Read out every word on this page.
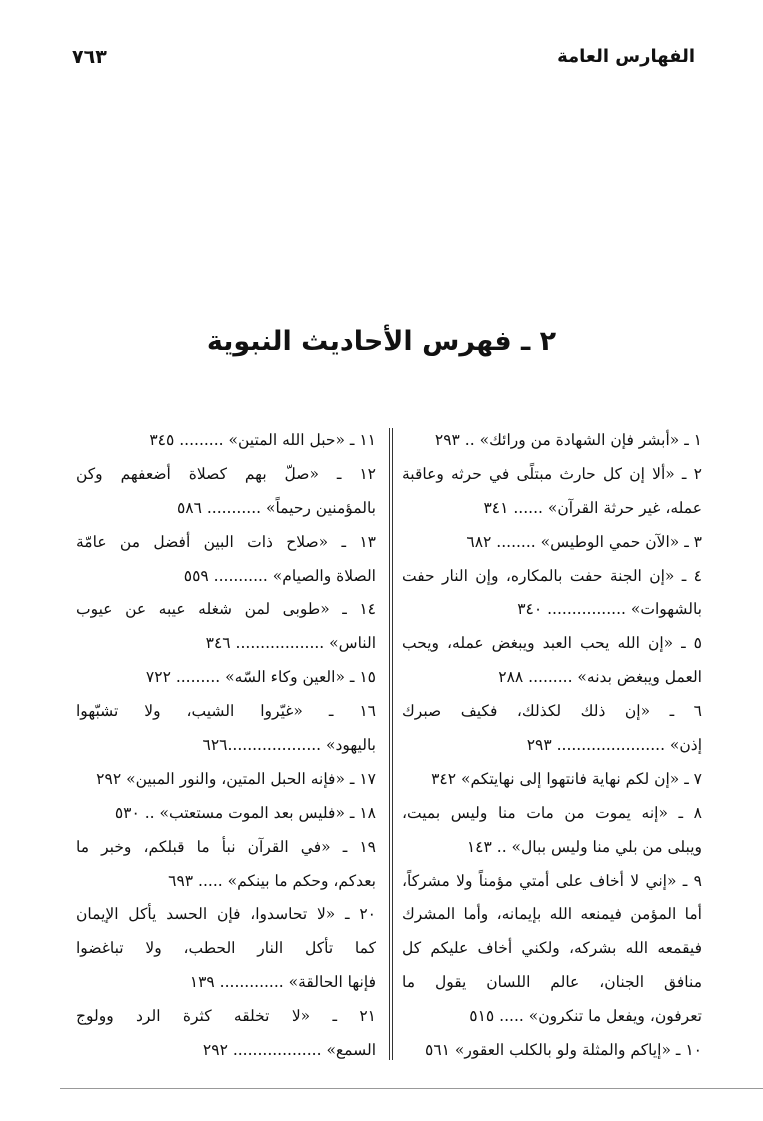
الفهارس العامة
٧٦٣
٢ ـ فهرس الأحاديث النبوية
١ ـ «أبشر فإن الشهادة من ورائك» .. ٢٩٣
٢ ـ «ألا إن كل حارث مبتلًى في حرثه وعاقبة
عمله، غير حرثة القرآن» ...... ٣٤١
٣ ـ «الآن حمي الوطيس» ........ ٦٨٢
٤ ـ «إن الجنة حفت بالمكاره، وإن النار حفت
بالشهوات» ................ ٣٤٠
٥ ـ «إن الله يحب العبد ويبغض عمله، ويحب
العمل ويبغض بدنه» ......... ٢٨٨
٦ ـ «إن ذلك لكذلك، فكيف صبرك
إذن» ...................... ٢٩٣
٧ ـ «إن لكم نهاية فانتهوا إلى نهايتكم» ٣٤٢
٨ ـ «إنه يموت من مات منا وليس بميت،
ويبلى من بلي منا وليس ببال» .. ١٤٣
٩ ـ «إني لا أخاف على أمتي مؤمناً ولا مشركاً،
أما المؤمن فيمنعه الله بإيمانه، وأما المشرك
فيقمعه الله بشركه، ولكني أخاف عليكم كل
منافق الجنان، عالم اللسان يقول ما
تعرفون، ويفعل ما تنكرون» ..... ٥١٥
١٠ ـ «إياكم والمثلة ولو بالكلب العقور» ٥٦١
١١ ـ «حبل الله المتين» ......... ٣٤٥
١٢ ـ «صلّ بهم كصلاة أضعفهم وكن
بالمؤمنين رحيماً» ........... ٥٨٦
١٣ ـ «صلاح ذات البين أفضل من عامّة
الصلاة والصيام» ........... ٥٥٩
١٤ ـ «طوبى لمن شغله عيبه عن عيوب
الناس» .................. ٣٤٦
١٥ ـ «العين وكاء السّه» ......... ٧٢٢
١٦ ـ «غيّروا الشيب، ولا تشبّهوا
باليهود» ...................٦٢٦
١٧ ـ «فإنه الحبل المتين، والنور المبين» ٢٩٢
١٨ ـ «فليس بعد الموت مستعتب» .. ٥٣٠
١٩ ـ «في القرآن نبأ ما قبلكم، وخبر ما
بعدكم، وحكم ما بينكم» ..... ٦٩٣
٢٠ ـ «لا تحاسدوا، فإن الحسد يأكل الإيمان
كما تأكل النار الحطب، ولا تباغضوا
فإنها الحالقة» ............. ١٣٩
٢١ ـ «لا تخلقه كثرة الرد وولوج
السمع» .................. ٢٩٢
